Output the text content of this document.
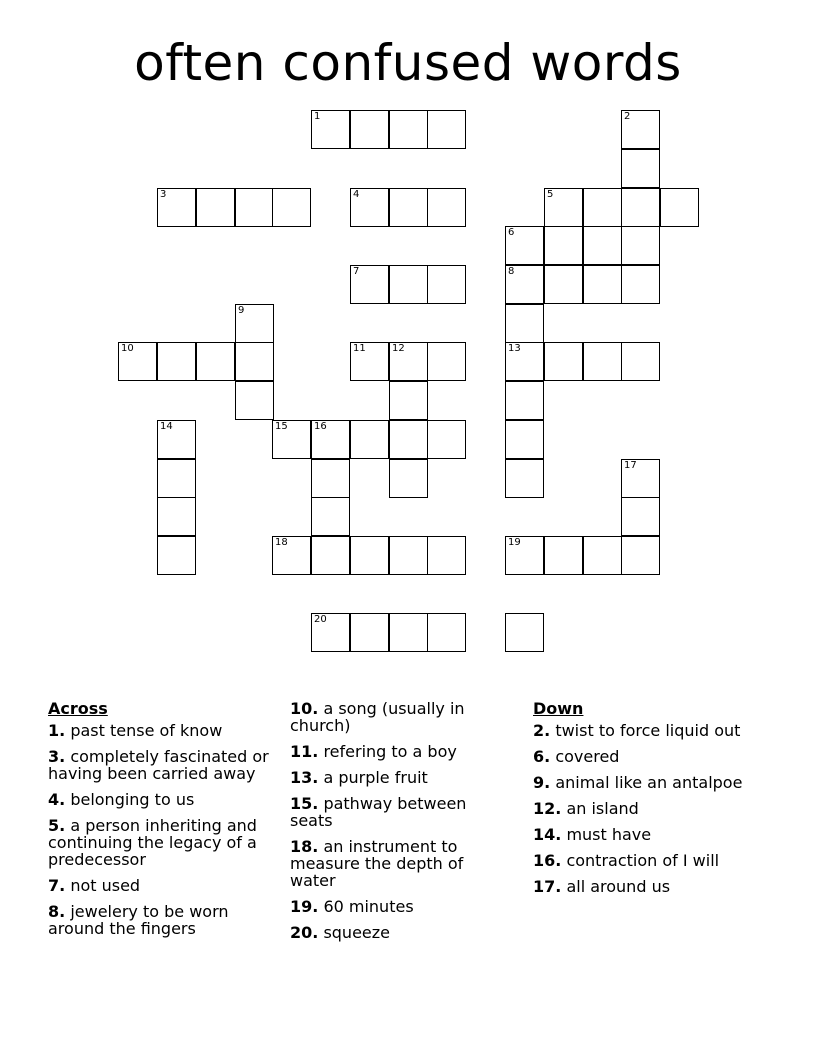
often confused words
1	2
3	4	5
6
7	8
9
10	11	12	13
14	15	16
17
18	19
20
Across
1. past tense of know
3. completely fascinated or having been carried away
4. belonging to us
5. a person inheriting and continuing the legacy of a predecessor
7. not used
8. jewelery to be worn around the fingers
10. a song (usually in church)
11. refering to a boy
13. a purple fruit
15. pathway between seats
18. an instrument to measure the depth of water
19. 60 minutes
20. squeeze
Down
2. twist to force liquid out
6. covered
9. animal like an antalpoe
12. an island
14. must have
16. contraction of I will
17. all around us
